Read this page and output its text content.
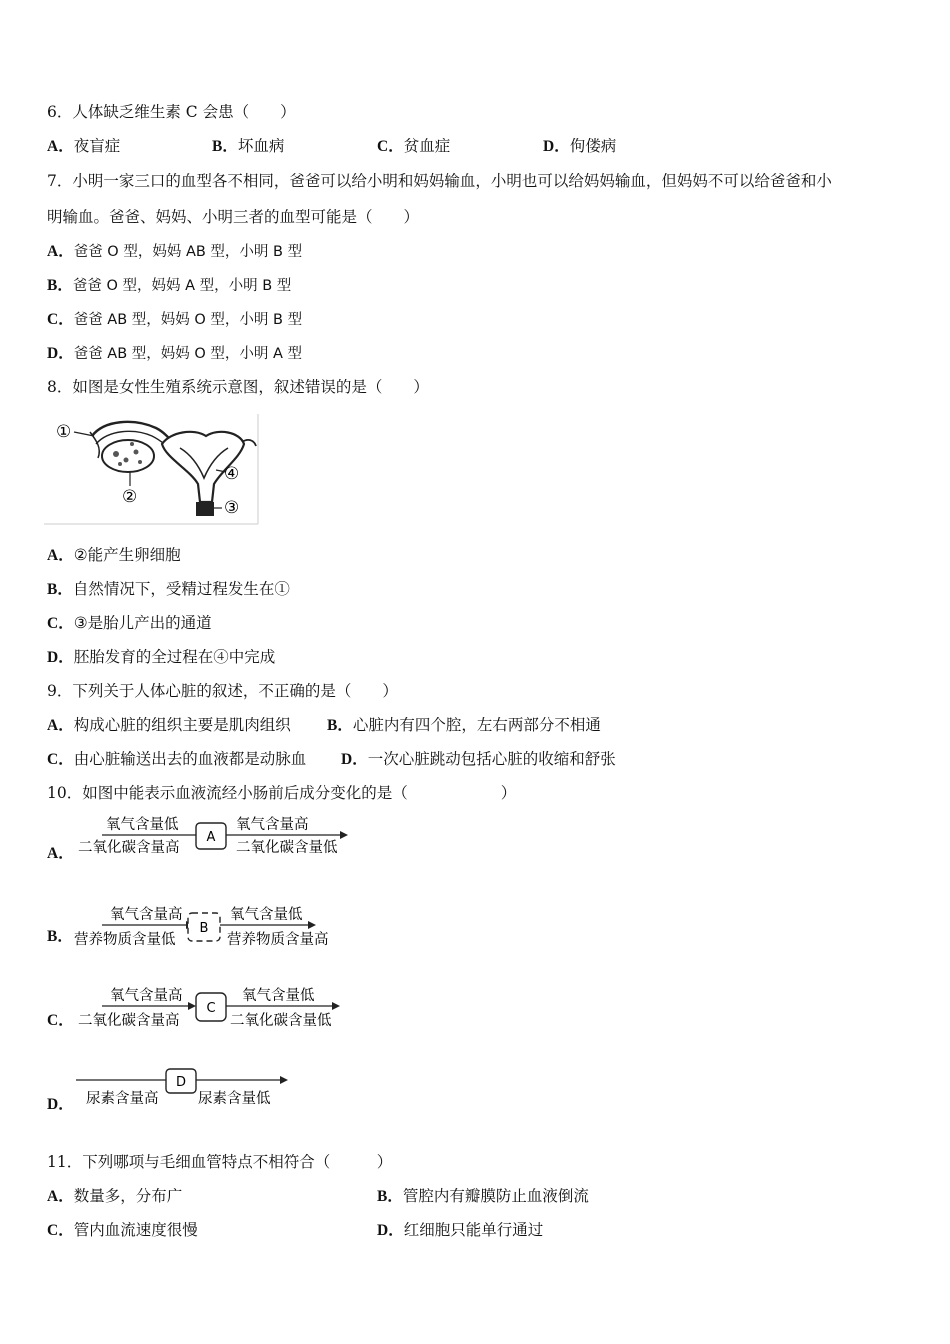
6．人体缺乏维生素 C 会患（　　）
A．夜盲症	B．坏血病	C．贫血症	D．佝偻病
7．小明一家三口的血型各不相同，爸爸可以给小明和妈妈输血，小明也可以给妈妈输血，但妈妈不可以给爸爸和小
明输血。爸爸、妈妈、小明三者的血型可能是（　　）
A．爸爸 O 型，妈妈 AB 型，小明 B 型
B．爸爸 O 型，妈妈 A 型，小明 B 型
C．爸爸 AB 型，妈妈 O 型，小明 B 型
D．爸爸 AB 型，妈妈 O 型，小明 A 型
8．如图是女性生殖系统示意图，叙述错误的是（　　）
①
②
③
④
A．②能产生卵细胞
B．自然情况下，受精过程发生在①
C．③是胎儿产出的通道
D．胚胎发育的全过程在④中完成
9．下列关于人体心脏的叙述，不正确的是（　　）
A．构成心脏的组织主要是肌肉组织 B．心脏内有四个腔，左右两部分不相通
C．由心脏输送出去的血液都是动脉血 D．一次心脏跳动包括心脏的收缩和舒张
10．如图中能表示血液流经小肠前后成分变化的是（　　　　　　）
A．
A
氧气含量低
二氧化碳含量高
氧气含量高
二氧化碳含量低
B．	B
氧气含量高
营养物质含量低
氧气含量低
营养物质含量高
C．
C
氧气含量高
二氧化碳含量高
氧气含量低
二氧化碳含量低
D．
D
尿素含量高	尿素含量低
11．下列哪项与毛细血管特点不相符合（　　　）
A．数量多，分布广	B．管腔内有瓣膜防止血液倒流
C．管内血流速度很慢	D．红细胞只能单行通过
